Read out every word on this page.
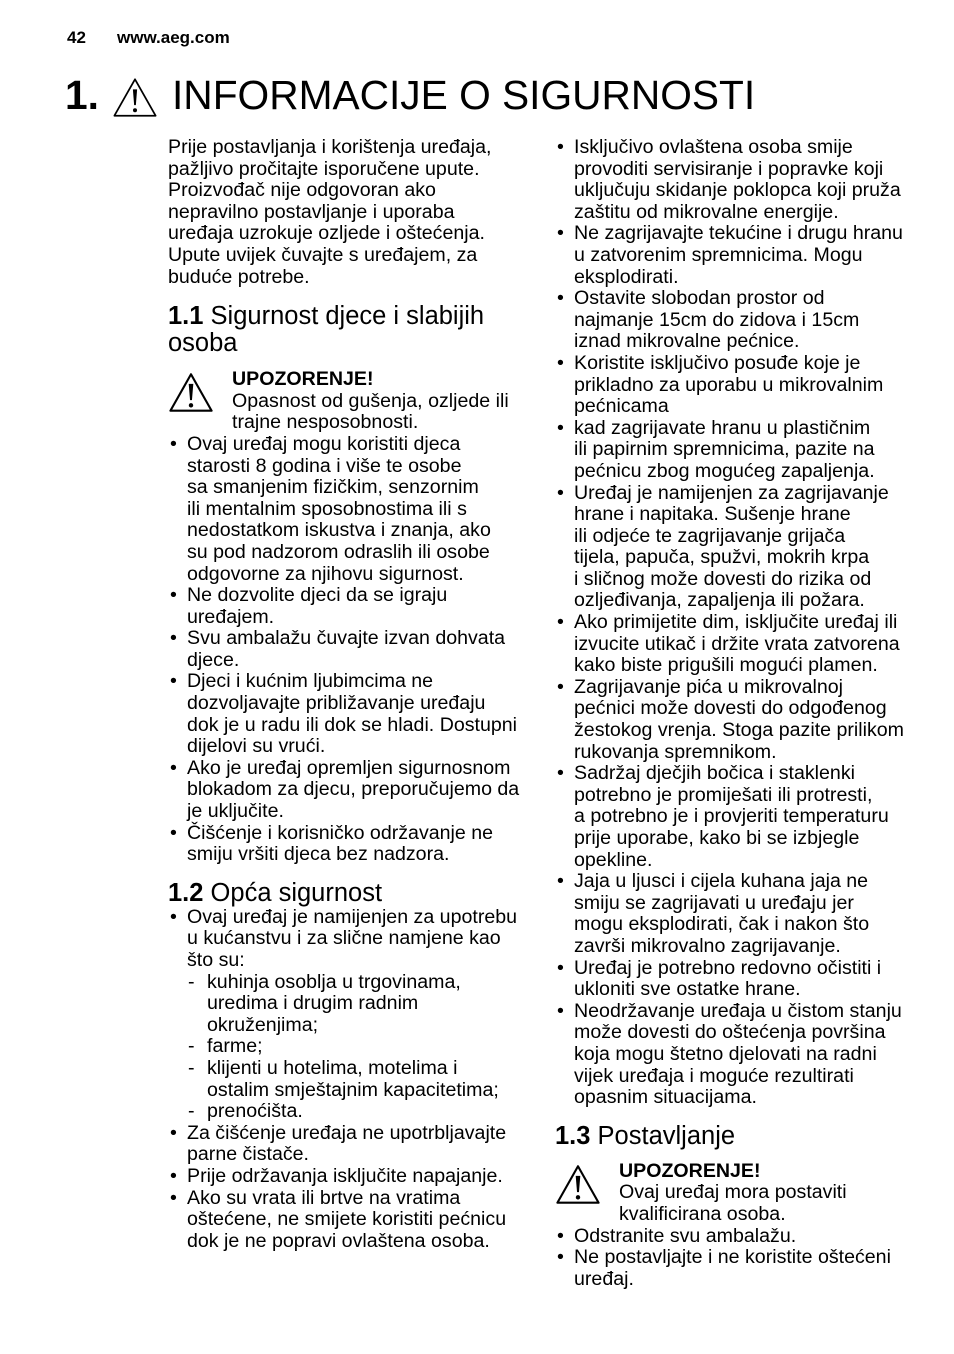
42 www.aeg.com
1. INFORMACIJE O SIGURNOSTI
Prije postavljanja i korištenja uređaja,
pažljivo pročitajte isporučene upute.
Proizvođač nije odgovoran ako
nepravilno postavljanje i uporaba
uređaja uzrokuje ozljede i oštećenja.
Upute uvijek čuvajte s uređajem, za
buduće potrebe.
1.1 Sigurnost djece i slabijih osoba
UPOZORENJE!
Opasnost od gušenja, ozljede ili
trajne nesposobnosti.
• Ovaj uređaj mogu koristiti djeca
starosti 8 godina i više te osobe
sa smanjenim fizičkim, senzornim
ili mentalnim sposobnostima ili s
nedostatkom iskustva i znanja, ako
su pod nadzorom odraslih ili osobe
odgovorne za njihovu sigurnost.
• Ne dozvolite djeci da se igraju
uređajem.
• Svu ambalažu čuvajte izvan dohvata
djece.
• Djeci i kućnim ljubimcima ne
dozvoljavajte približavanje uređaju
dok je u radu ili dok se hladi. Dostupni
dijelovi su vrući.
• Ako je uređaj opremljen sigurnosnom
blokadom za djecu, preporučujemo da
je uključite.
• Čišćenje i korisničko održavanje ne
smiju vršiti djeca bez nadzora.
1.2 Opća sigurnost
• Ovaj uređaj je namijenjen za upotrebu
u kućanstvu i za slične namjene kao
što su:
- kuhinja osoblja u trgovinama,
uredima i drugim radnim
okruženjima;
- farme;
- klijenti u hotelima, motelima i
ostalim smještajnim kapacitetima;
- prenoćišta.
• Za čišćenje uređaja ne upotrbljavajte
parne čistače.
• Prije održavanja isključite napajanje.
• Ako su vrata ili brtve na vratima
oštećene, ne smijete koristiti pećnicu
dok je ne popravi ovlaštena osoba.
• Isključivo ovlaštena osoba smije
provoditi servisiranje i popravke koji
uključuju skidanje poklopca koji pruža
zaštitu od mikrovalne energije.
• Ne zagrijavajte tekućine i drugu hranu
u zatvorenim spremnicima. Mogu
eksplodirati.
• Ostavite slobodan prostor od
najmanje 15cm do zidova i 15cm
iznad mikrovalne pećnice.
• Koristite isključivo posuđe koje je
prikladno za uporabu u mikrovalnim
pećnicama
• kad zagrijavate hranu u plastičnim
ili papirnim spremnicima, pazite na
pećnicu zbog mogućeg zapaljenja.
• Uređaj je namijenjen za zagrijavanje
hrane i napitaka. Sušenje hrane
ili odjeće te zagrijavanje grijača
tijela, papuča, spužvi, mokrih krpa
i sličnog može dovesti do rizika od
ozljeđivanja, zapaljenja ili požara.
• Ako primijetite dim, isključite uređaj ili
izvucite utikač i držite vrata zatvorena
kako biste prigušili mogući plamen.
• Zagrijavanje pića u mikrovalnoj
pećnici može dovesti do odgođenog
žestokog vrenja. Stoga pazite prilikom
rukovanja spremnikom.
• Sadržaj dječjih bočica i staklenki
potrebno je promiješati ili protresti,
a potrebno je i provjeriti temperaturu
prije uporabe, kako bi se izbjegle
opekline.
• Jaja u ljusci i cijela kuhana jaja ne
smiju se zagrijavati u uređaju jer
mogu eksplodirati, čak i nakon što
završi mikrovalno zagrijavanje.
• Uređaj je potrebno redovno očistiti i
ukloniti sve ostatke hrane.
• Neodržavanje uređaja u čistom stanju
može dovesti do oštećenja površina
koja mogu štetno djelovati na radni
vijek uređaja i moguće rezultirati
opasnim situacijama.
1.3 Postavljanje
UPOZORENJE!
Ovaj uređaj mora postaviti
kvalificirana osoba.
• Odstranite svu ambalažu.
• Ne postavljajte i ne koristite oštećeni
uređaj.
